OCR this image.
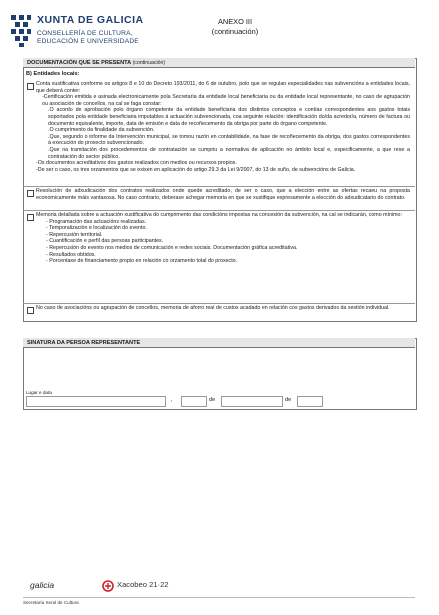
XUNTA DE GALICIA
CONSELLERÍA DE CULTURA,
EDUCACIÓN E UNIVERSIDADE
ANEXO III
(continuación)
DOCUMENTACIÓN QUE SE PRESENTA (continuación)
B) Entidades locais:
Conta xustificativa conforme os artigos 8 e 10 do Decreto 193/2011, do 6 de outubro, polo que se regulan especialidades nas subvencións a entidades locais, que deberá conter:
-Certificación emitida e asinada electronicamente pola Secretaría da entidade local beneficiaria ou da entidade local representante, no caso de agrupación ou asociación de concellos, na cal se faga constar:
.O acordo de aprobación polo órgano competente da entidade beneficiaria dos distintos conceptos e contías correspondentes aos gastos totais soportados pola entidade beneficiaria imputables á actuación subvencionada, coa seguinte relación: identificación do/da acredor/a, número de factura ou documento equivalente, importe, data de emisión e data de recoñecemento da obriga por parte do órgano competente.
.O cumprimento da finalidade da subvención.
.Que, segundo o informe da Intervención municipal, se tomou razón en contabilidade, na fase de recoñecemento da obriga, dos gastos correspondentes á execución do proxecto subvencionado.
.Que na tramitación dos procedementos de contratación se cumpriu a normativa de aplicación no ámbito local e, especificamente, a que rexe a contratación do sector público.
-Os documentos acreditativos dos gastos realizados con medios ou recursos propios.
-De ser o caso, os tres orzamentos que se exixen en aplicación do artigo 29.3 da Lei 9/2007, do 13 de xuño, de subvencións de Galicia.
Resolución de adxudicación dos contratos realizados onde quede acreditado, de ser o caso, que a elección entre as ofertas recaeu na proposta economicamente máis vantaxosa. No caso contrario, deberase achegar memoria en que se xustifique expresamente a elección do adxudicatario do contrato.
Memoria detallada sobre a actuación xustificativa do cumprimento das condicións impostas na concesión da subvención, na cal se indicarán, como mínimo:
- Programación das actuacións realizadas.
- Temporalización e localización do evento.
- Repercusión territorial.
- Cuantificación e perfil das persoas participantes.
- Repercusión do evento nos medios de comunicación e redes sociais. Documentación gráfica acreditativa.
- Resultados obtidos.
- Porcentaxe de financiamento propio en relación co orzamento total do proxecto.
No caso de asociacións ou agrupación de concellos, memoria de aforro real de custos acadado en relación cos gastos derivados da xestión individual.
SINATURA DA PERSOA REPRESENTANTE
Lugar e data
,	de	de
galicia	Xacobeo 21·22
Secretaría Xeral de Cultura
